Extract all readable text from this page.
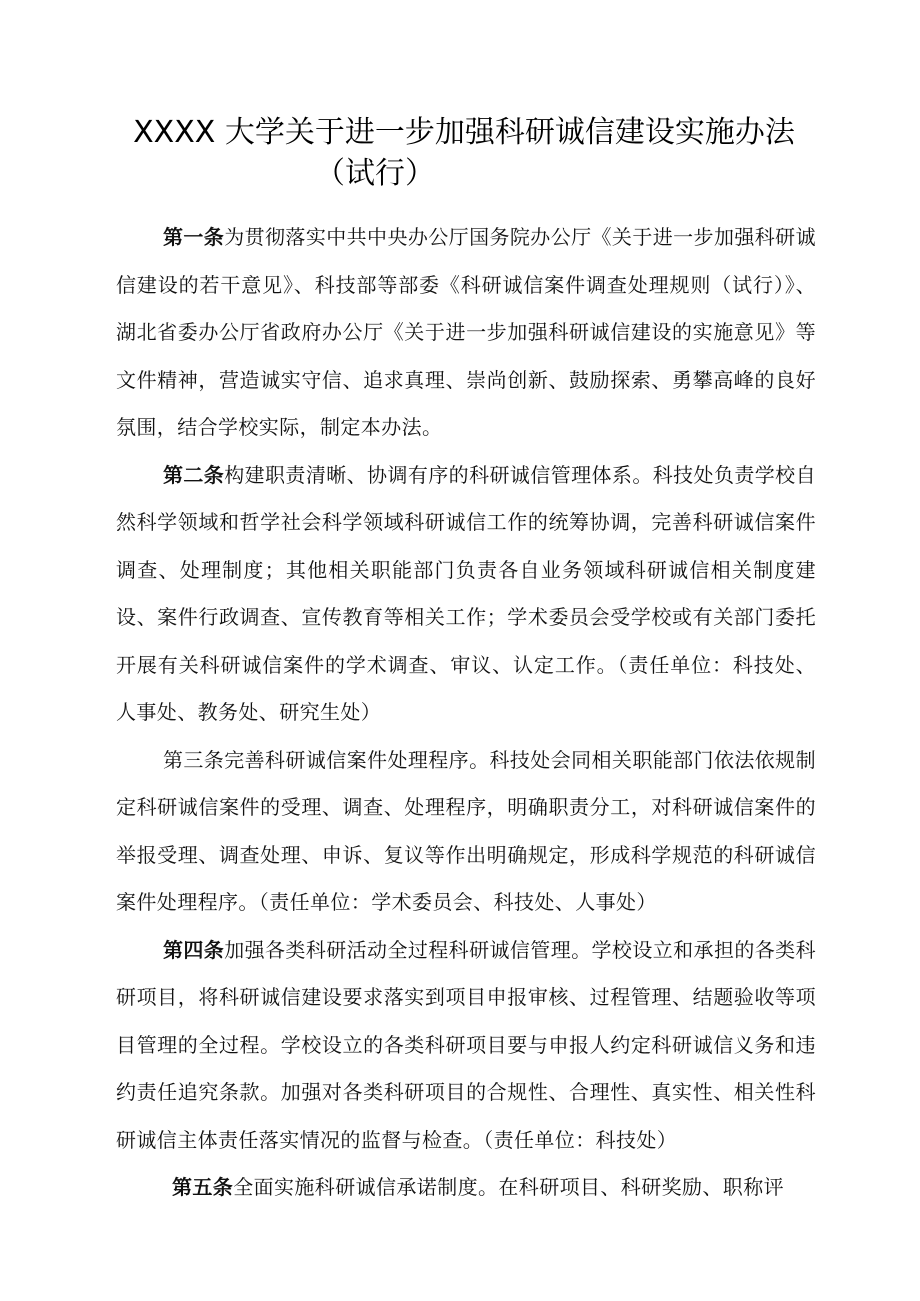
XXXX 大学关于进一步加强科研诚信建设实施办法
（试行）

第一条为贯彻落实中共中央办公厅国务院办公厅《关于进一步加强科研诚信建设的若干意见》、科技部等部委《科研诚信案件调查处理规则（试行）》、湖北省委办公厅省政府办公厅《关于进一步加强科研诚信建设的实施意见》等文件精神，营造诚实守信、追求真理、崇尚创新、鼓励探索、勇攀高峰的良好氛围，结合学校实际，制定本办法。

第二条构建职责清晰、协调有序的科研诚信管理体系。科技处负责学校自然科学领域和哲学社会科学领域科研诚信工作的统筹协调，完善科研诚信案件调查、处理制度；其他相关职能部门负责各自业务领域科研诚信相关制度建设、案件行政调查、宣传教育等相关工作；学术委员会受学校或有关部门委托开展有关科研诚信案件的学术调查、审议、认定工作。（责任单位：科技处、人事处、教务处、研究生处）

第三条完善科研诚信案件处理程序。科技处会同相关职能部门依法依规制定科研诚信案件的受理、调查、处理程序，明确职责分工，对科研诚信案件的举报受理、调查处理、申诉、复议等作出明确规定，形成科学规范的科研诚信案件处理程序。（责任单位：学术委员会、科技处、人事处）

第四条加强各类科研活动全过程科研诚信管理。学校设立和承担的各类科研项目，将科研诚信建设要求落实到项目申报审核、过程管理、结题验收等项目管理的全过程。学校设立的各类科研项目要与申报人约定科研诚信义务和违约责任追究条款。加强对各类科研项目的合规性、合理性、真实性、相关性科研诚信主体责任落实情况的监督与检查。（责任单位：科技处）

第五条全面实施科研诚信承诺制度。在科研项目、科研奖励、职称评
